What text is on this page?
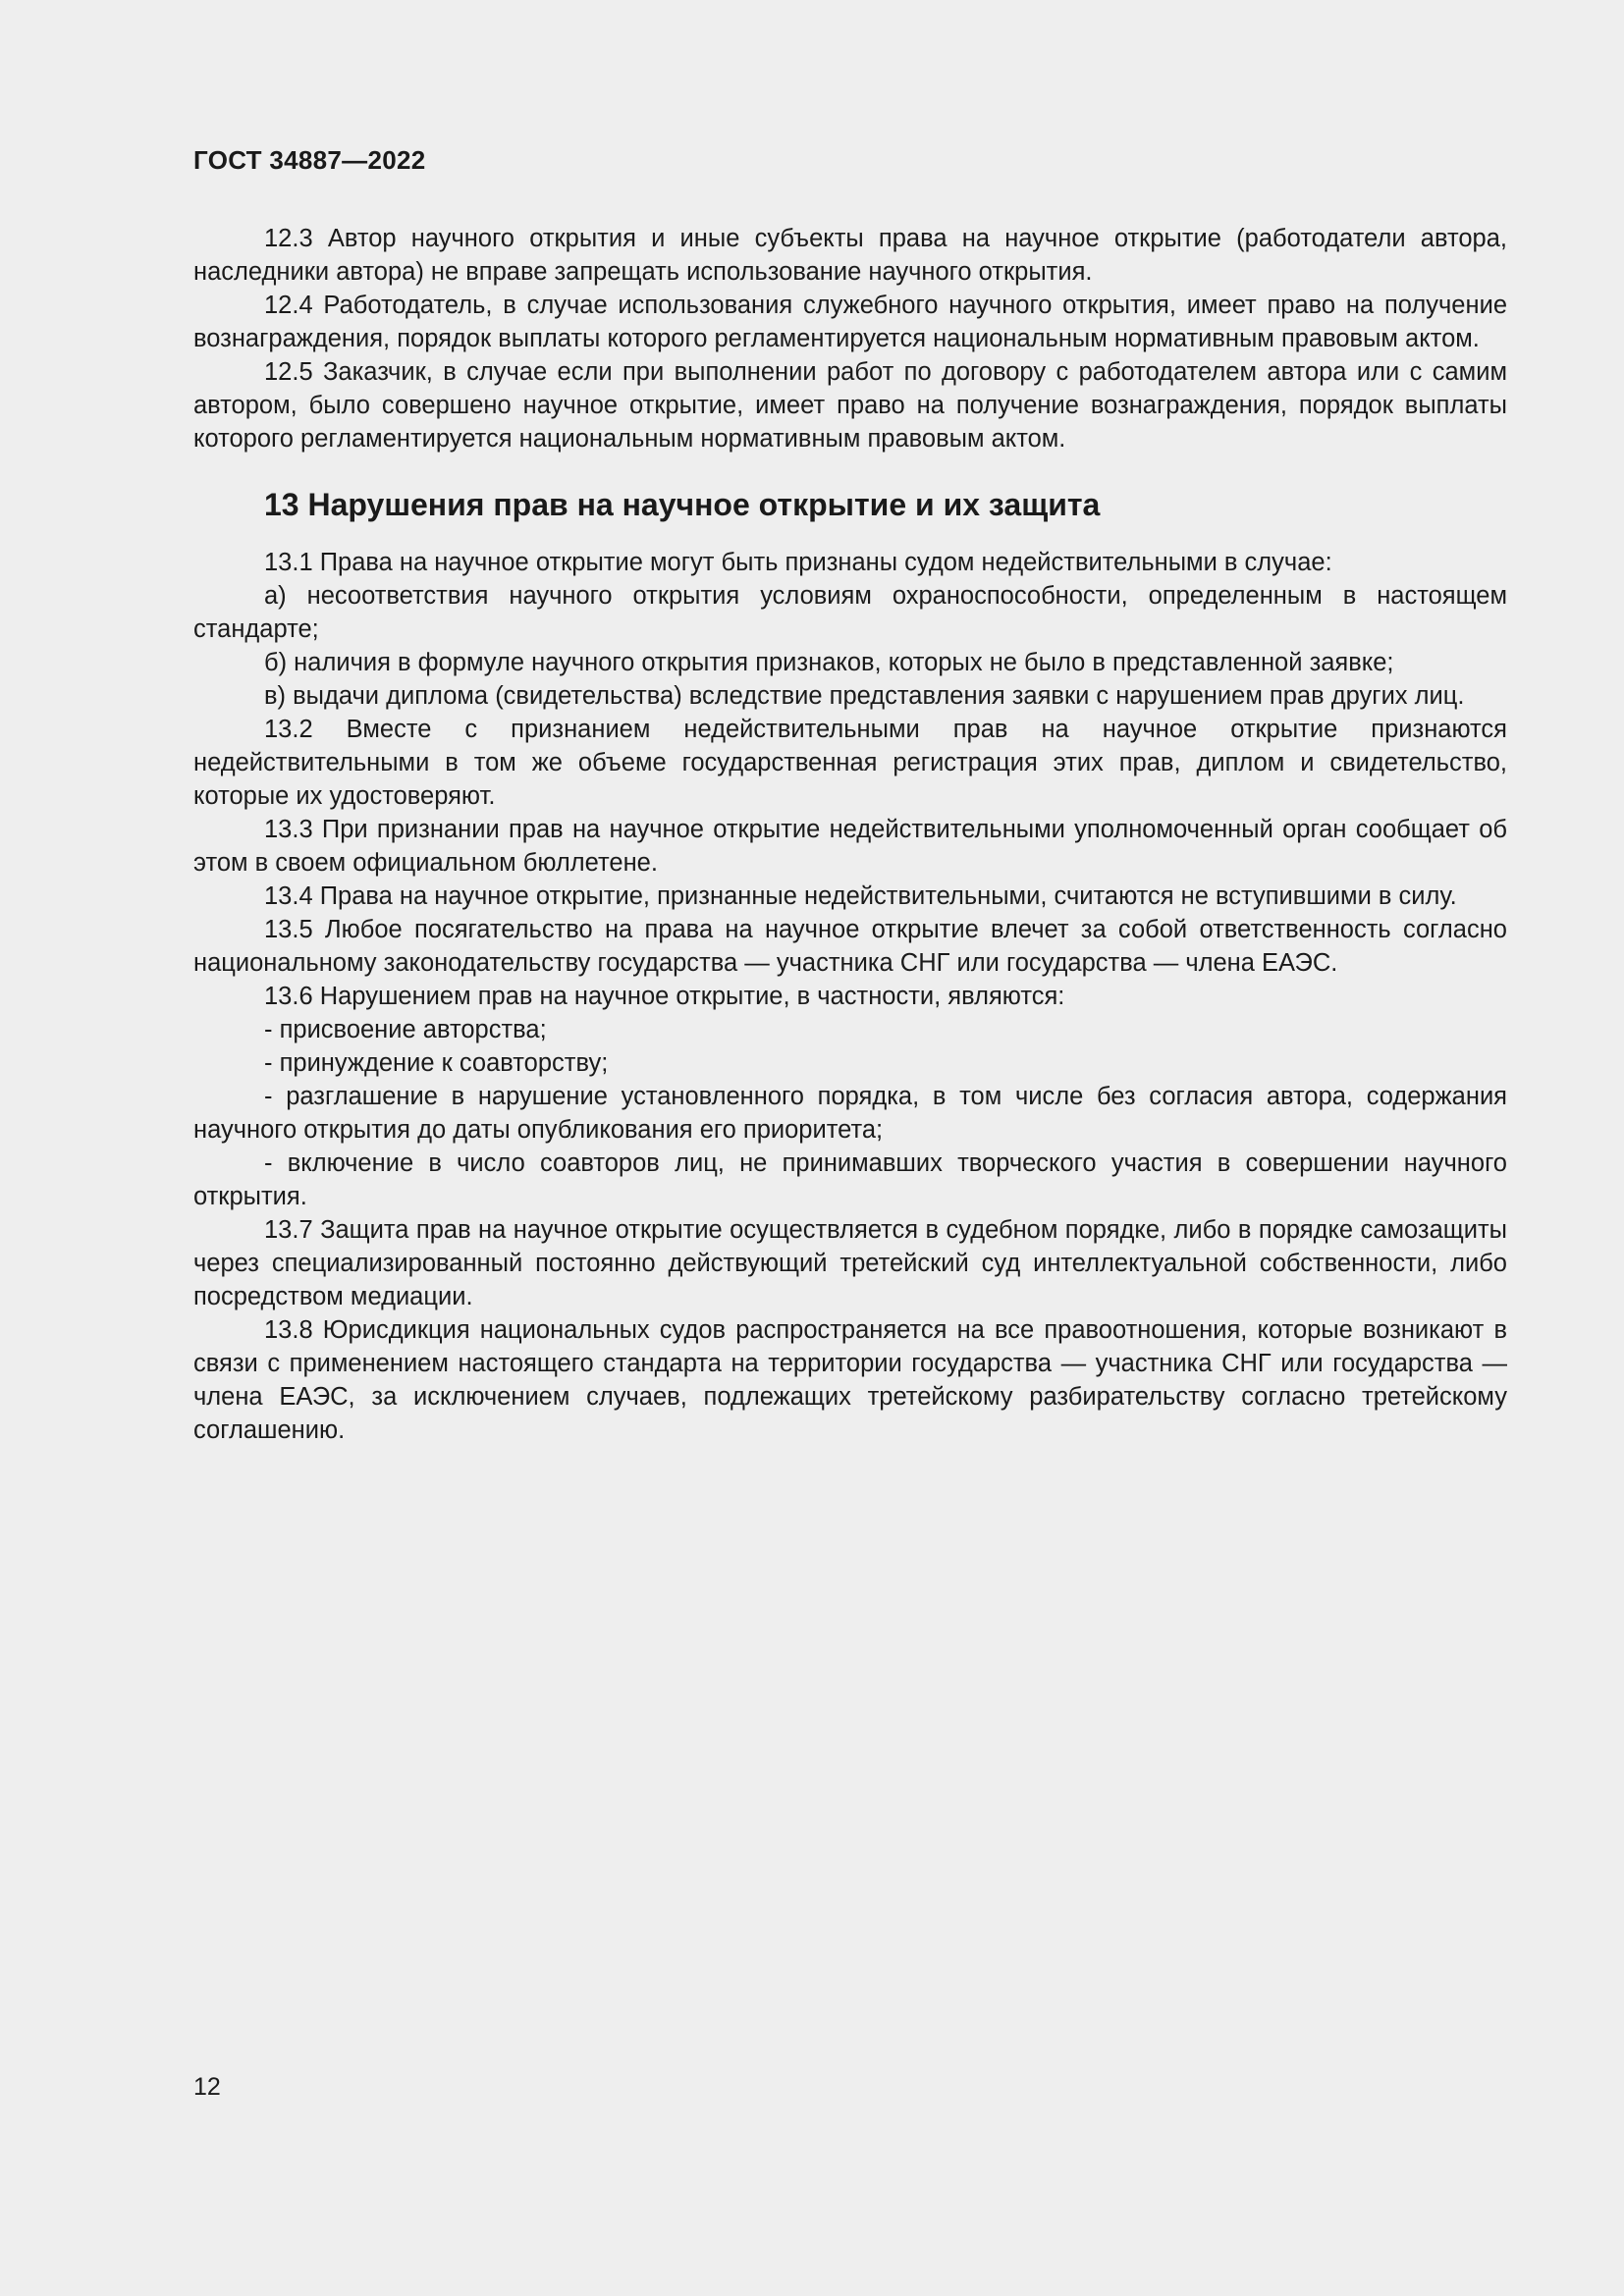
ГОСТ 34887—2022

12.3 Автор научного открытия и иные субъекты права на научное открытие (работодатели автора, наследники автора) не вправе запрещать использование научного открытия.

12.4 Работодатель, в случае использования служебного научного открытия, имеет право на получение вознаграждения, порядок выплаты которого регламентируется национальным нормативным правовым актом.

12.5 Заказчик, в случае если при выполнении работ по договору с работодателем автора или с самим автором, было совершено научное открытие, имеет право на получение вознаграждения, порядок выплаты которого регламентируется национальным нормативным правовым актом.

13 Нарушения прав на научное открытие и их защита

13.1 Права на научное открытие могут быть признаны судом недействительными в случае:

а) несоответствия научного открытия условиям охраноспособности, определенным в настоящем стандарте;

б) наличия в формуле научного открытия признаков, которых не было в представленной заявке;

в) выдачи диплома (свидетельства) вследствие представления заявки с нарушением прав других лиц.

13.2 Вместе с признанием недействительными прав на научное открытие признаются недействительными в том же объеме государственная регистрация этих прав, диплом и свидетельство, которые их удостоверяют.

13.3 При признании прав на научное открытие недействительными уполномоченный орган сообщает об этом в своем официальном бюллетене.

13.4 Права на научное открытие, признанные недействительными, считаются не вступившими в силу.

13.5 Любое посягательство на права на научное открытие влечет за собой ответственность согласно национальному законодательству государства — участника СНГ или государства — члена ЕАЭС.

13.6 Нарушением прав на научное открытие, в частности, являются:

- присвоение авторства;

- принуждение к соавторству;

- разглашение в нарушение установленного порядка, в том числе без согласия автора, содержания научного открытия до даты опубликования его приоритета;

- включение в число соавторов лиц, не принимавших творческого участия в совершении научного открытия.

13.7 Защита прав на научное открытие осуществляется в судебном порядке, либо в порядке самозащиты через специализированный постоянно действующий третейский суд интеллектуальной собственности, либо посредством медиации.

13.8 Юрисдикция национальных судов распространяется на все правоотношения, которые возникают в связи с применением настоящего стандарта на территории государства — участника СНГ или государства — члена ЕАЭС, за исключением случаев, подлежащих третейскому разбирательству согласно третейскому соглашению.

12
